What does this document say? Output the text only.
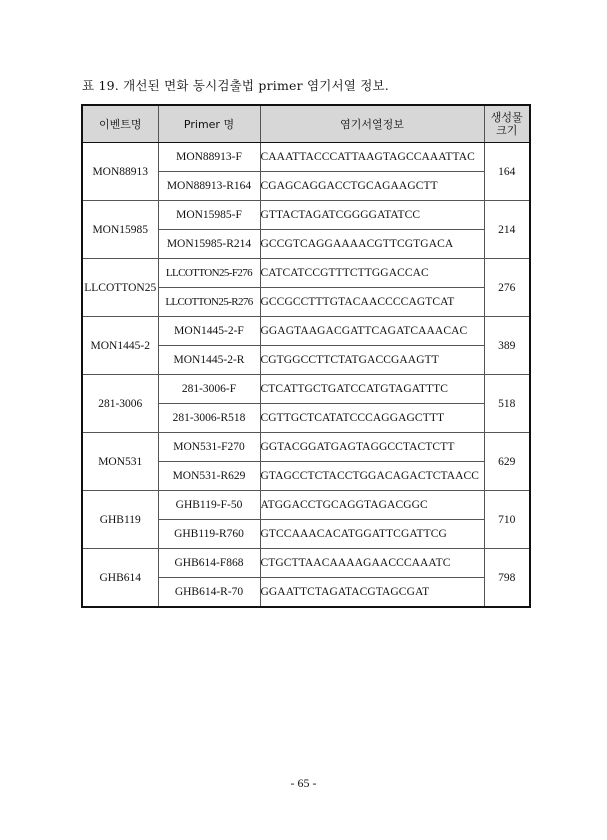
표 19. 개선된 면화 동시검출법 primer 염기서열 정보.
이벤트명	Primer 명	염기서열정보	생성물
크기
MON88913	MON88913-F	CAAATTACCCATTAAGTAGCCAAATTAC	164
	MON88913-R164	CGAGCAGGACCTGCAGAAGCTT	
MON15985	MON15985-F	GTTACTAGATCGGGGATATCC	214
	MON15985-R214	GCCGTCAGGAAAACGTTCGTGACA	
LLCOTTON25	LLCOTTON25-F276	CATCATCCGTTTCTTGGACCAC	276
	LLCOTTON25-R276	GCCGCCTTTGTACAACCCCAGTCAT	
MON1445-2	MON1445-2-F	GGAGTAAGACGATTCAGATCAAACAC	389
	MON1445-2-R	CGTGGCCTTCTATGACCGAAGTT	
281-3006	281-3006-F	CTCATTGCTGATCCATGTAGATTTC	518
	281-3006-R518	CGTTGCTCATATCCCAGGAGCTTT	
MON531	MON531-F270	GGTACGGATGAGTAGGCCTACTCTT	629
	MON531-R629	GTAGCCTCTACCTGGACAGACTCTAACC	
GHB119	GHB119-F-50	ATGGACCTGCAGGTAGACGGC	710
	GHB119-R760	GTCCAAACACATGGATTCGATTCG	
GHB614	GHB614-F868	CTGCTTAACAAAAGAACCCAAATC	798
	GHB614-R-70	GGAATTCTAGATACGTAGCGAT	
- 65 -
